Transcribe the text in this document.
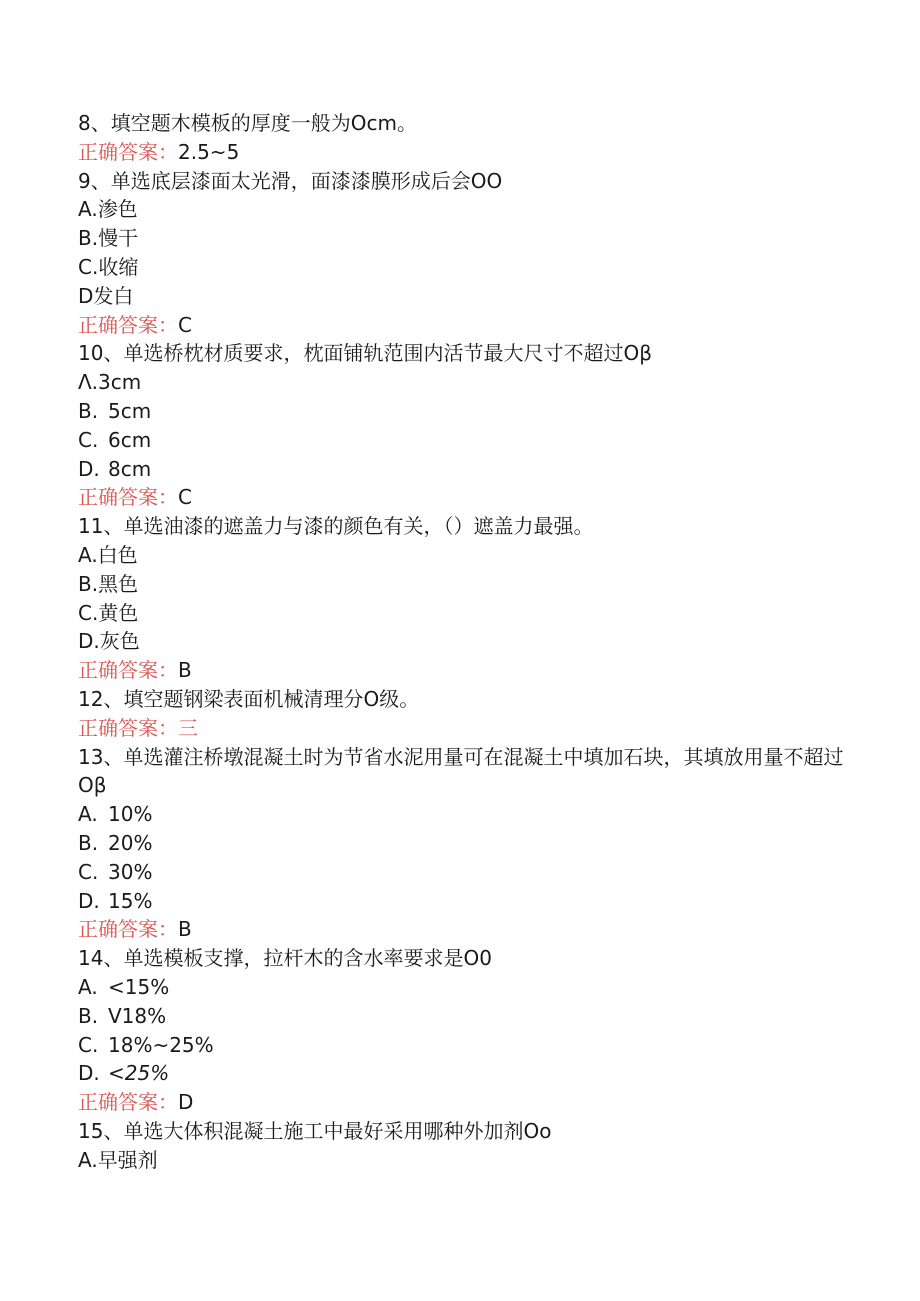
8、填空题木模板的厚度一般为Ocm。
正确答案：2.5~5
9、单选底层漆面太光滑，面漆漆膜形成后会OO
A.渗色
B.慢干
C.收缩
D发白
正确答案：C
10、单选桥枕材质要求，枕面铺轨范围内活节最大尺寸不超过Oβ
Λ.3cm
B. 5cm
C. 6cm
D. 8cm
正确答案：C
11、单选油漆的遮盖力与漆的颜色有关，（）遮盖力最强。
A.白色
B.黑色
C.黄色
D.灰色
正确答案：B
12、填空题钢梁表面机械清理分O级。
正确答案：三
13、单选灌注桥墩混凝土时为节省水泥用量可在混凝土中填加石块，其填放用量不超过Oβ
A. 10%
B. 20%
C. 30%
D. 15%
正确答案：B
14、单选模板支撑，拉杆木的含水率要求是O0
A. <15%
B. V18%
C. 18%~25%
D. <25%
正确答案：D
15、单选大体积混凝土施工中最好采用哪种外加剂Oo
A.早强剂
